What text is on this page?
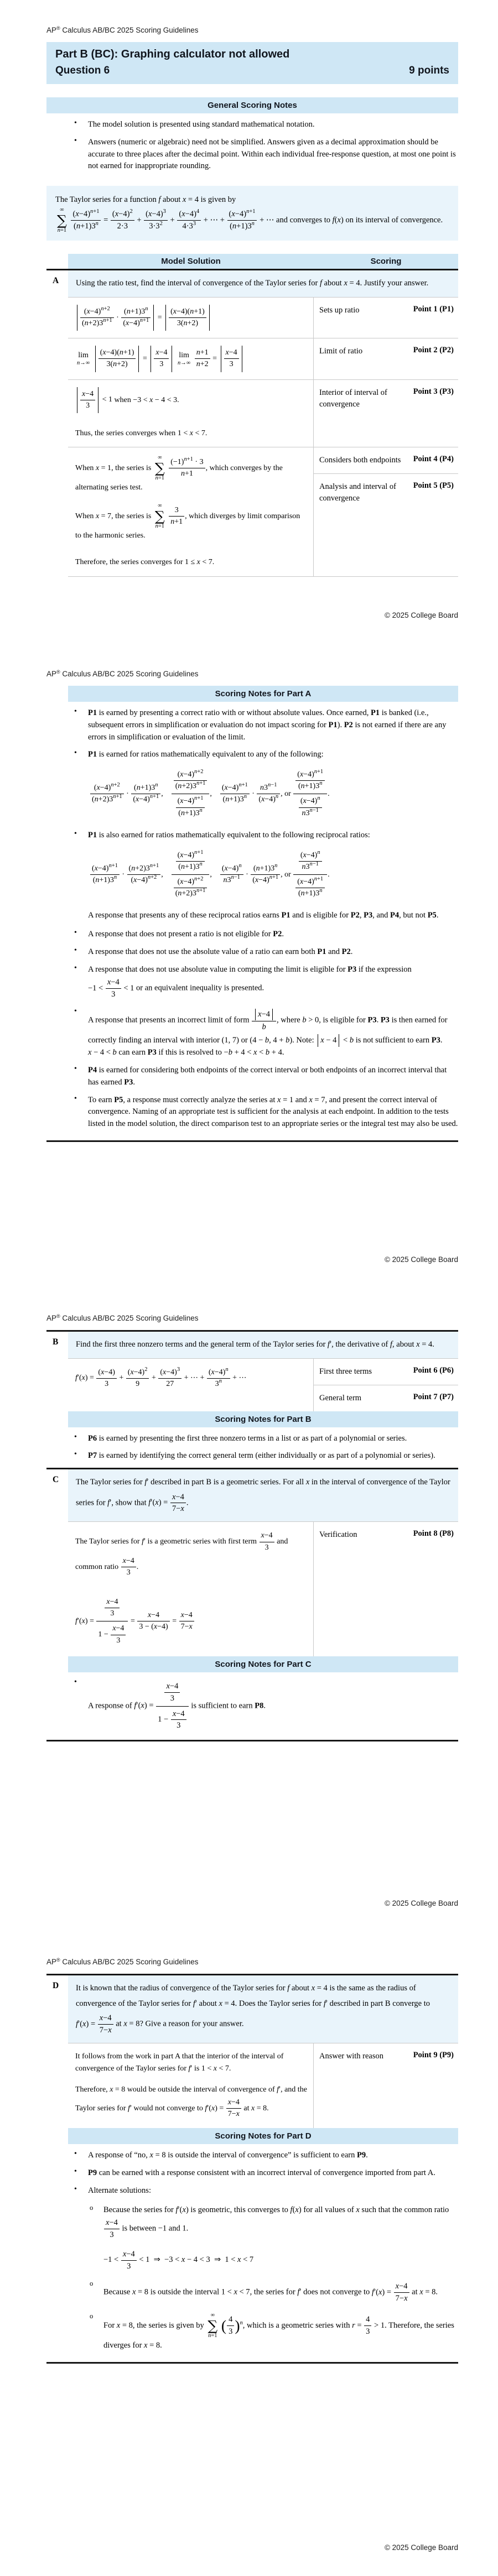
AP® Calculus AB/BC 2025 Scoring Guidelines
Part B (BC): Graphing calculator not allowed
Question 6	9 points
General Scoring Notes
•	The model solution is presented using standard mathematical notation.
•	Answers (numeric or algebraic) need not be simplified. Answers given as a decimal approximation should be accurate to three places after the decimal point. Within each individual free-response question, at most one point is not earned for inappropriate rounding.
The Taylor series for a function f about x = 4 is given by
∞
∑
n=1
$\frac{(x-4)^{n+1}}{(n+1)3^n} = \frac{(x-4)^2}{2\cdot 3} + \frac{(x-4)^3}{3\cdot 3^2} + \frac{(x-4)^4}{4\cdot 3^3}$ + ⋯ + $\frac{(x-4)^{n+1}}{(n+1)3^n}$ + ⋯ and converges to f(x) on its interval of convergence.
Model Solution	Scoring
A	Using the ratio test, find the interval of convergence of the Taylor series for f about x = 4. Justify your answer.
$\frac{(x-4)^{n+2}}{(n+2)3^{n+1}} \cdot \frac{(n+1)3^n}{(x-4)^{n+1}} = \frac{(x-4)(n+1)}{3(n+2)}$	Sets up ratio	Point 1 (P1)
lim
n→∞
$\frac{(x-4)(n+1)}{3(n+2)} = \frac{x-4}{3}$
lim
n→∞
$\frac{n+1}{n+2} = \frac{x-4}{3}$	Limit of ratio	Point 2 (P2)
$\frac{x-4}{3} < 1$ when −3 < x − 4 < 3.
Thus, the series converges when 1 < x < 7.
Interior of interval of convergence
Point 3 (P3)
When x = 1, the series is
∞
∑
n=1
$\frac{(-1)^{n+1} \cdot 3}{n+1}$ , which converges by the alternating series test.
When x = 7, the series is
∞
∑
n=1
$\frac{3}{n+1}$ , which diverges by limit comparison to the harmonic series.
Therefore, the series converges for 1 ≤ x < 7.
Considers both endpoints	Point 4 (P4)
Analysis and interval of convergence
Point 5 (P5)
© 2025 College Board
AP® Calculus AB/BC 2025 Scoring Guidelines
Scoring Notes for Part A
•	P1 is earned by presenting a correct ratio with or without absolute values. Once earned, P1 is banked (i.e., subsequent errors in simplification or evaluation do not impact scoring for P1). P2 is not earned if there are any errors in simplification or evaluation of the limit.
•	P1 is earned for ratios mathematically equivalent to any of the following:
$\frac{(x-4)^{n+2}}{(n+2)3^{n+1}} \cdot \frac{(n+1)3^n}{(x-4)^{n+1}}$ ,  $\frac{\frac{(x-4)^{n+2}}{(n+2)3^{n+1}}}{\frac{(x-4)^{n+1}}{(n+1)3^n}}$ ,  $\frac{(x-4)^{n+1}}{(n+1)3^n} \cdot \frac{n3^{n-1}}{(x-4)^n}$ , or $\frac{\frac{(x-4)^{n+1}}{(n+1)3^n}}{\frac{(x-4)^n}{n3^{n-1}}}$ .
•	P1 is also earned for ratios mathematically equivalent to the following reciprocal ratios:
$\frac{(x-4)^{n+1}}{(n+1)3^n} \cdot \frac{(n+2)3^{n+1}}{(x-4)^{n+2}}$ ,  $\frac{\frac{(x-4)^{n+1}}{(n+1)3^n}}{\frac{(x-4)^{n+2}}{(n+2)3^{n+1}}}$ ,  $\frac{(x-4)^n}{n3^{n-1}} \cdot \frac{(n+1)3^n}{(x-4)^{n+1}}$ , or $\frac{\frac{(x-4)^n}{n3^{n-1}}}{\frac{(x-4)^{n+1}}{(n+1)3^n}}$ .
A response that presents any of these reciprocal ratios earns P1 and is eligible for P2, P3, and P4, but not P5.
•	A response that does not present a ratio is not eligible for P2.
•	A response that does not use the absolute value of a ratio can earn both P1 and P2.
•	A response that does not use absolute value in computing the limit is eligible for P3 if the expression $-1 < \frac{x-4}{3} < 1$ or an equivalent inequality is presented.
•
A response that presents an incorrect limit of form $\frac{x-4}{b}$ , where b > 0, is eligible for P3. P3 is then earned for correctly finding an interval with interior (1, 7) or (4 − b, 4 + b). Note: x − 4 < b is not sufficient to earn P3. x − 4 < b can earn P3 if this is resolved to −b + 4 < x < b + 4.
•	P4 is earned for considering both endpoints of the correct interval or both endpoints of an incorrect interval that has earned P3.
•	To earn P5, a response must correctly analyze the series at x = 1 and x = 7, and present the correct interval of convergence. Naming of an appropriate test is sufficient for the analysis at each endpoint. In addition to the tests listed in the model solution, the direct comparison test to an appropriate series or the integral test may also be used.
© 2025 College Board
AP® Calculus AB/BC 2025 Scoring Guidelines
B	Find the first three nonzero terms and the general term of the Taylor series for f′, the derivative of f, about x = 4.
$f'(x) = \frac{(x-4)}{3} + \frac{(x-4)^2}{9} + \frac{(x-4)^3}{27}$ + ⋯ + $\frac{(x-4)^n}{3^n}$ + ⋯
First three terms	Point 6 (P6)
General term	Point 7 (P7)
Scoring Notes for Part B
•	P6 is earned by presenting the first three nonzero terms in a list or as part of a polynomial or series.
•	P7 is earned by identifying the correct general term (either individually or as part of a polynomial or series).
C	The Taylor series for f′ described in part B is a geometric series. For all x in the interval of convergence of the Taylor series for f′, show that $f'(x) = \frac{x-4}{7-x}$ .
The Taylor series for f′ is a geometric series with first term $\frac{x-4}{3}$ and common ratio $\frac{x-4}{3}$ .
$f'(x) = \frac{\frac{x-4}{3}}{1 - \frac{x-4}{3}} = \frac{x-4}{3 - (x-4)} = \frac{x-4}{7-x}$
Verification	Point 8 (P8)
Scoring Notes for Part C
•
A response of $f'(x) = \frac{\frac{x-4}{3}}{1 - \frac{x-4}{3}}$ is sufficient to earn P8.
© 2025 College Board
AP® Calculus AB/BC 2025 Scoring Guidelines
D	It is known that the radius of convergence of the Taylor series for f about x = 4 is the same as the radius of convergence of the Taylor series for f′ about x = 4. Does the Taylor series for f′ described in part B converge to $f'(x) = \frac{x-4}{7-x}$ at x = 8? Give a reason for your answer.
It follows from the work in part A that the interior of the interval of convergence of the Taylor series for f′ is 1 < x < 7.
Therefore, x = 8 would be outside the interval of convergence of f′, and the Taylor series for f′ would not converge to $f'(x) = \frac{x-4}{7-x}$ at x = 8.
Answer with reason	Point 9 (P9)
Scoring Notes for Part D
•	A response of “no, x = 8 is outside the interval of convergence” is sufficient to earn P9.
•	P9 can be earned with a response consistent with an incorrect interval of convergence imported from part A.
•	Alternate solutions:
o	Because the series for f′(x) is geometric, this converges to f(x) for all values of x such that the common ratio
$\frac{x-4}{3}$ is between −1 and 1.
$-1 < \frac{x-4}{3} < 1$ ⇒ −3 < x − 4 < 3 ⇒ 1 < x < 7
o
Because x = 8 is outside the interval 1 < x < 7, the series for f′ does not converge to $f'(x) = \frac{x-4}{7-x}$ at x = 8.
o
For x = 8, the series is given by
∞
∑
n=1
( $\frac{4}{3} )^n$, which is a geometric series with $r = \frac{4}{3} > 1$. Therefore, the series diverges for x = 8.
© 2025 College Board
